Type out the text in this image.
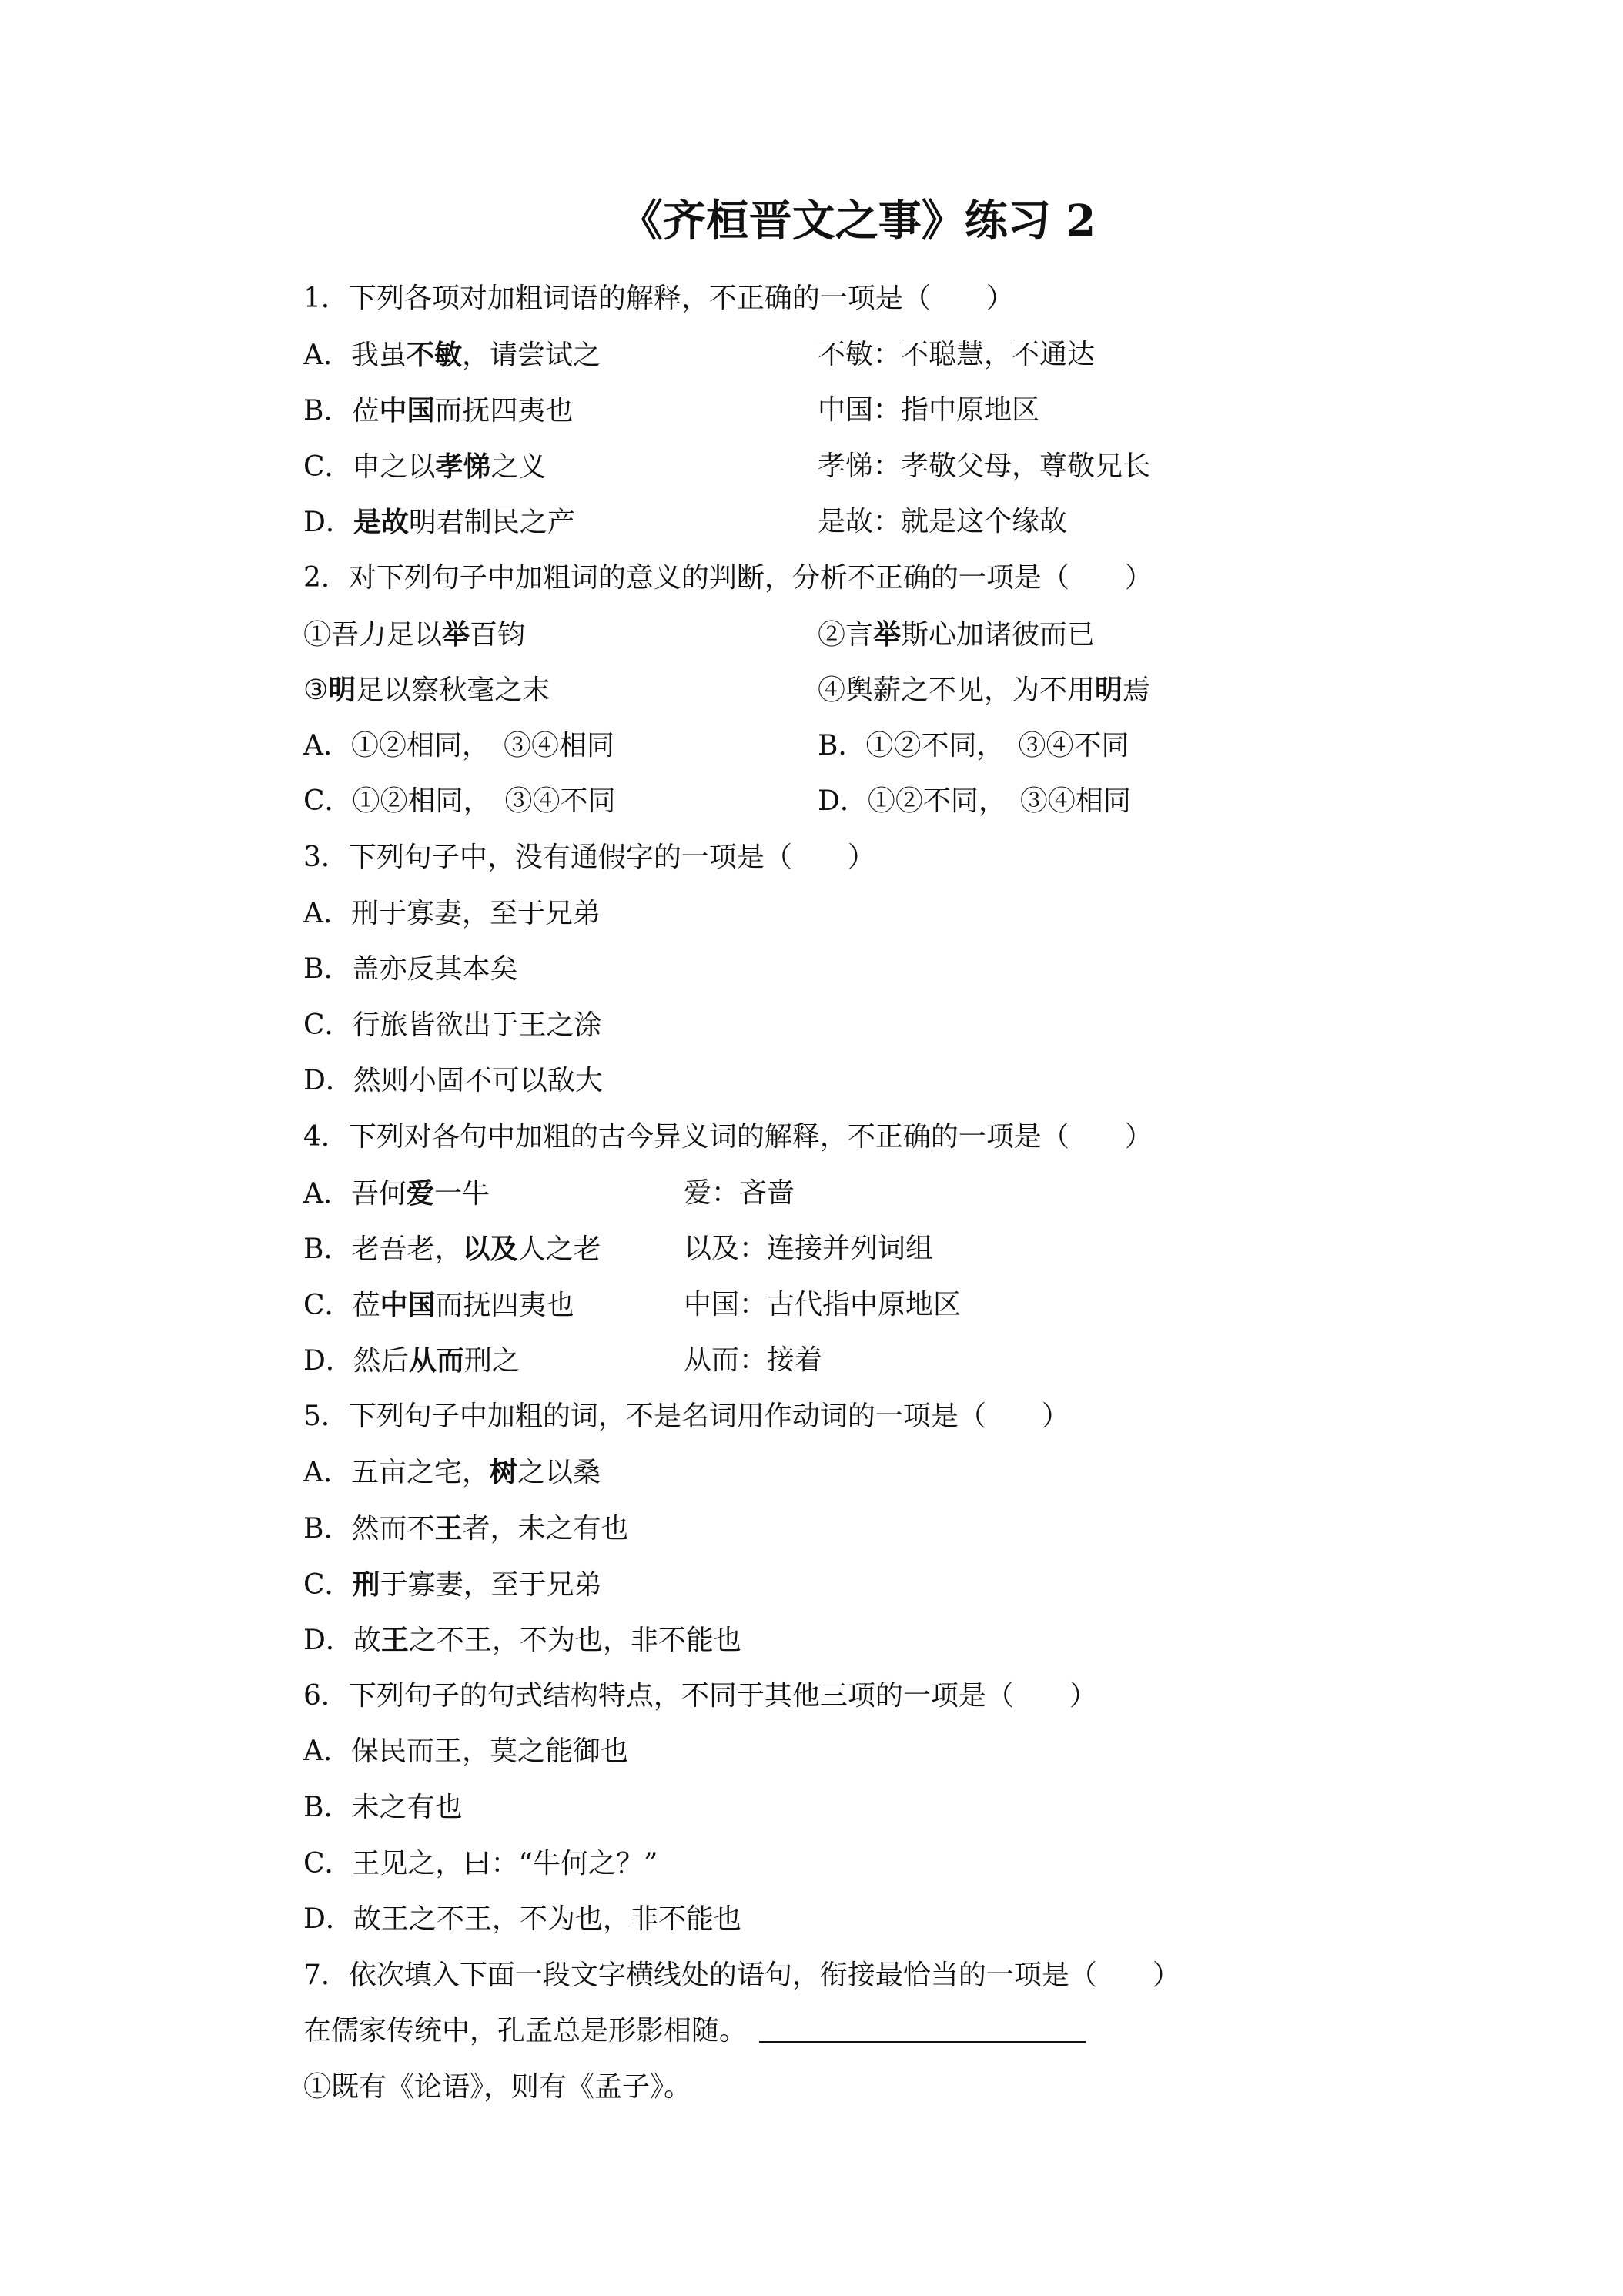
《齐桓晋文之事》练习 2
1．下列各项对加粗词语的解释，不正确的一项是（　　）
A．我虽不敏，请尝试之	不敏：不聪慧，不通达
B．莅中国而抚四夷也	中国：指中原地区
C．申之以孝悌之义	孝悌：孝敬父母，尊敬兄长
D．是故明君制民之产	是故：就是这个缘故
2．对下列句子中加粗词的意义的判断，分析不正确的一项是（　　）
①吾力足以举百钧	②言举斯心加诸彼而已
③明足以察秋毫之末	④舆薪之不见，为不用明焉
A．①②相同，　③④相同	B．①②不同，　③④不同
C．①②相同，　③④不同	D．①②不同，　③④相同
3．下列句子中，没有通假字的一项是（　　）
A．刑于寡妻，至于兄弟
B．盖亦反其本矣
C．行旅皆欲出于王之涂
D．然则小固不可以敌大
4．下列对各句中加粗的古今异义词的解释，不正确的一项是（　　）
A．吾何爱一牛	爱：吝啬
B．老吾老，以及人之老	以及：连接并列词组
C．莅中国而抚四夷也	中国：古代指中原地区
D．然后从而刑之	从而：接着
5．下列句子中加粗的词，不是名词用作动词的一项是（　　）
A．五亩之宅，树之以桑
B．然而不王者，未之有也
C．刑于寡妻，至于兄弟
D．故王之不王，不为也，非不能也
6．下列句子的句式结构特点，不同于其他三项的一项是（　　）
A．保民而王，莫之能御也
B．未之有也
C．王见之，曰：“牛何之？”
D．故王之不王，不为也，非不能也
7．依次填入下面一段文字横线处的语句，衔接最恰当的一项是（　　）
在儒家传统中，孔孟总是形影相随。
①既有《论语》，则有《孟子》。
